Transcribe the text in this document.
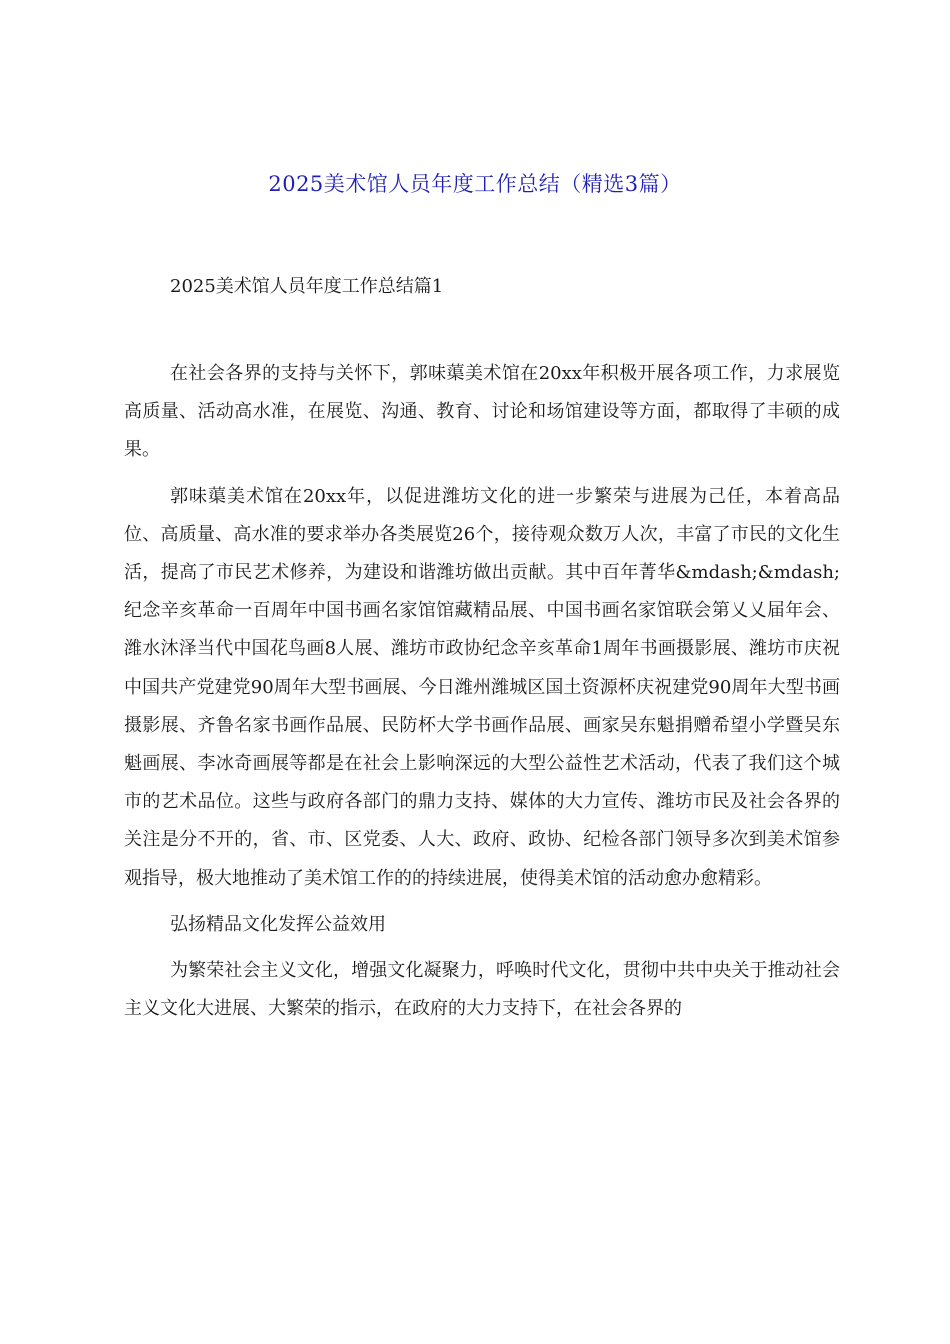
2025美术馆人员年度工作总结（精选3篇）
2025美术馆人员年度工作总结篇1

在社会各界的支持与关怀下，郭味蕖美术馆在20xx年积极开展各项工作，力求展览高质量、活动高水准，在展览、沟通、教育、讨论和场馆建设等方面，都取得了丰硕的成果。

郭味蕖美术馆在20xx年，以促进潍坊文化的进一步繁荣与进展为己任，本着高品位、高质量、高水准的要求举办各类展览26个，接待观众数万人次，丰富了市民的文化生活，提高了市民艺术修养，为建设和谐潍坊做出贡献。其中百年菁华&mdash;&mdash;纪念辛亥革命一百周年中国书画名家馆馆藏精品展、中国书画名家馆联会第乂乂届年会、潍水沐泽当代中国花鸟画8人展、潍坊市政协纪念辛亥革命1周年书画摄影展、潍坊市庆祝中国共产党建党90周年大型书画展、今日潍州潍城区国土资源杯庆祝建党90周年大型书画摄影展、齐鲁名家书画作品展、民防杯大学书画作品展、画家吴东魁捐赠希望小学暨吴东魁画展、李冰奇画展等都是在社会上影响深远的大型公益性艺术活动，代表了我们这个城市的艺术品位。这些与政府各部门的鼎力支持、媒体的大力宣传、潍坊市民及社会各界的关注是分不开的，省、市、区党委、人大、政府、政协、纪检各部门领导多次到美术馆参观指导，极大地推动了美术馆工作的的持续进展，使得美术馆的活动愈办愈精彩。

弘扬精品文化发挥公益效用

为繁荣社会主义文化，增强文化凝聚力，呼唤时代文化，贯彻中共中央关于推动社会主义文化大进展、大繁荣的指示，在政府的大力支持下，在社会各界的
